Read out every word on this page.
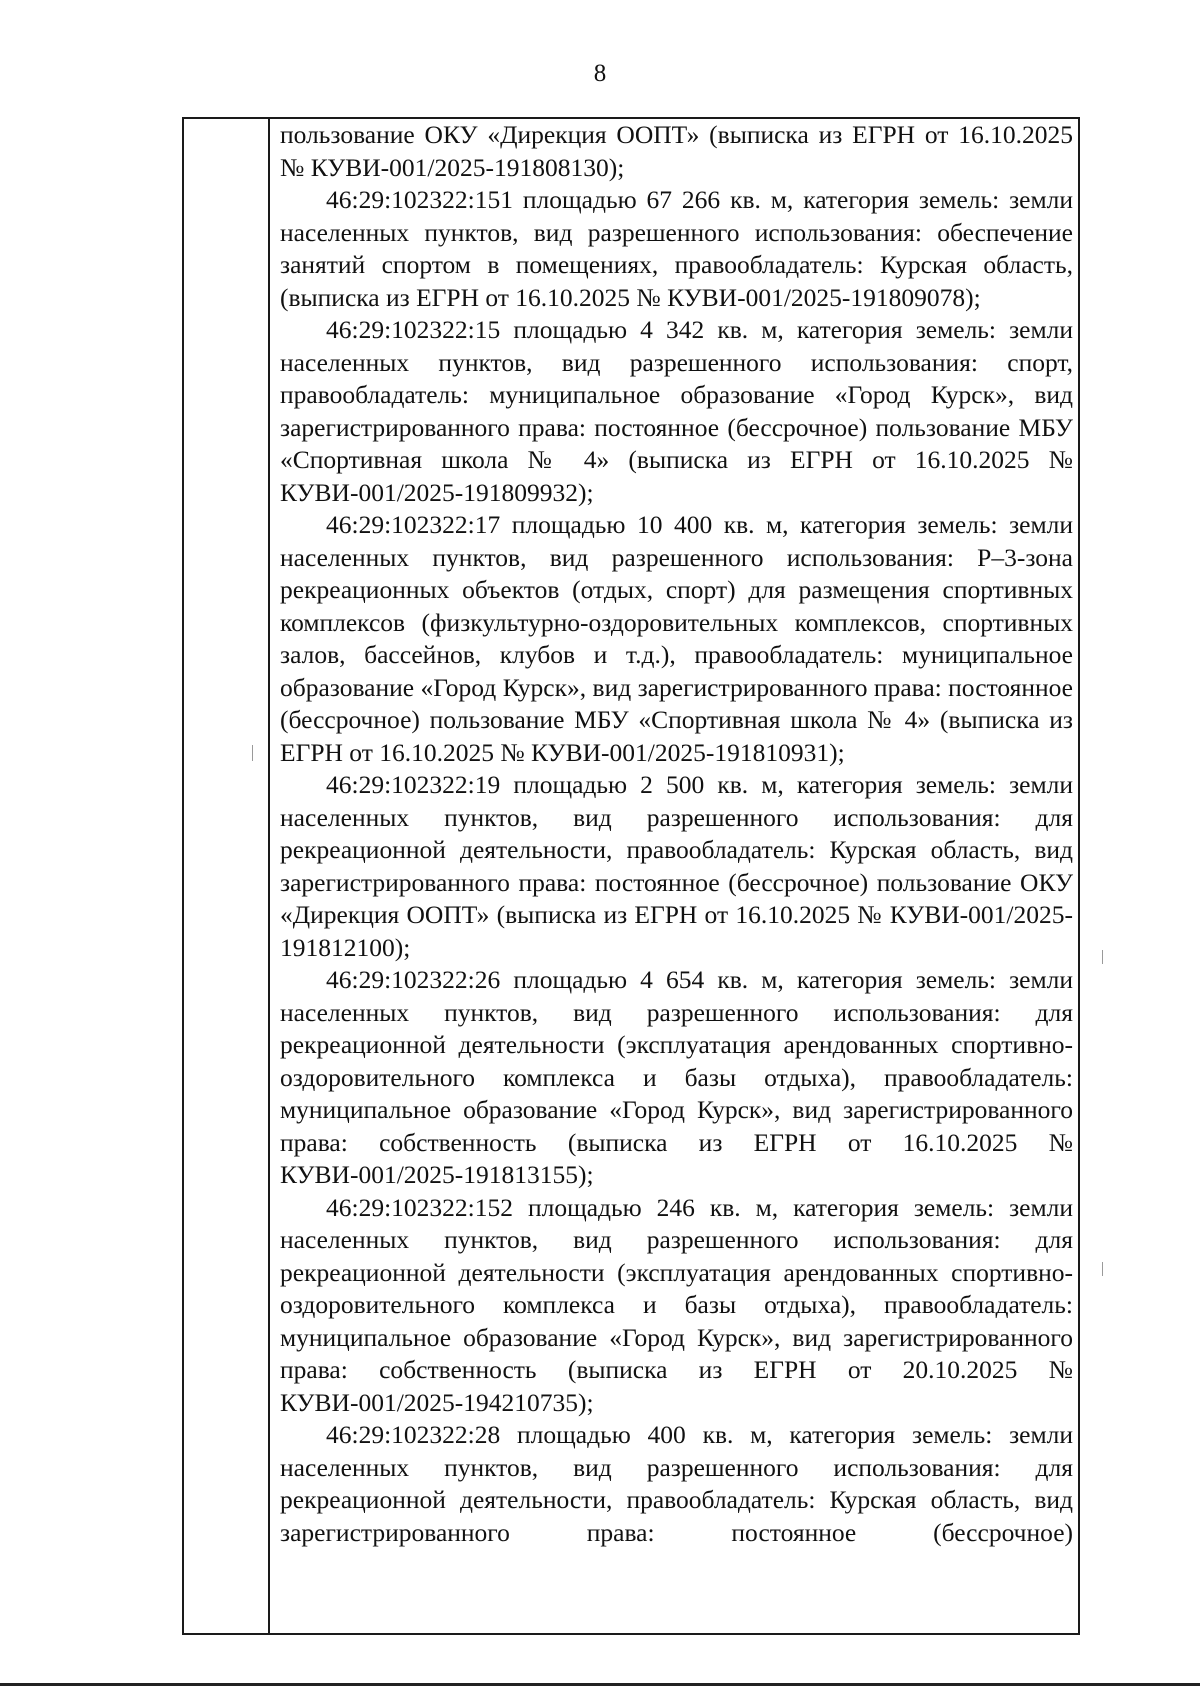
8

пользование ОКУ «Дирекция ООПТ» (выписка из ЕГРН от 16.10.2025 № КУВИ-001/2025-191808130);

46:29:102322:151 площадью 67 266 кв. м, категория земель: земли населенных пунктов, вид разрешенного использования: обеспечение занятий спортом в помещениях, правообладатель: Курская область, (выписка из ЕГРН от 16.10.2025 № КУВИ-001/2025-191809078);

46:29:102322:15 площадью 4 342 кв. м, категория земель: земли населенных пунктов, вид разрешенного использования: спорт, правообладатель: муниципальное образование «Город Курск», вид зарегистрированного права: постоянное (бессрочное) пользование МБУ «Спортивная школа № 4» (выписка из ЕГРН от 16.10.2025 № КУВИ-001/2025-191809932);

46:29:102322:17 площадью 10 400 кв. м, категория земель: земли населенных пунктов, вид разрешенного использования: Р–3-зона рекреационных объектов (отдых, спорт) для размещения спортивных комплексов (физкультурно-оздоровительных комплексов, спортивных залов, бассейнов, клубов и т.д.), правообладатель: муниципальное образование «Город Курск», вид зарегистрированного права: постоянное (бессрочное) пользование МБУ «Спортивная школа № 4» (выписка из ЕГРН от 16.10.2025 № КУВИ-001/2025-191810931);

46:29:102322:19 площадью 2 500 кв. м, категория земель: земли населенных пунктов, вид разрешенного использования: для рекреационной деятельности, правообладатель: Курская область, вид зарегистрированного права: постоянное (бессрочное) пользование ОКУ «Дирекция ООПТ» (выписка из ЕГРН от 16.10.2025 № КУВИ-001/2025-191812100);

46:29:102322:26 площадью 4 654 кв. м, категория земель: земли населенных пунктов, вид разрешенного использования: для рекреационной деятельности (эксплуатация арендованных спортивно-оздоровительного комплекса и базы отдыха), правообладатель: муниципальное образование «Город Курск», вид зарегистрированного права: собственность (выписка из ЕГРН от 16.10.2025 № КУВИ-001/2025-191813155);

46:29:102322:152 площадью 246 кв. м, категория земель: земли населенных пунктов, вид разрешенного использования: для рекреационной деятельности (эксплуатация арендованных спортивно-оздоровительного комплекса и базы отдыха), правообладатель: муниципальное образование «Город Курск», вид зарегистрированного права: собственность (выписка из ЕГРН от 20.10.2025 № КУВИ-001/2025-194210735);

46:29:102322:28 площадью 400 кв. м, категория земель: земли населенных пунктов, вид разрешенного использования: для рекреационной деятельности, правообладатель: Курская область, вид зарегистрированного права: постоянное (бессрочное)
